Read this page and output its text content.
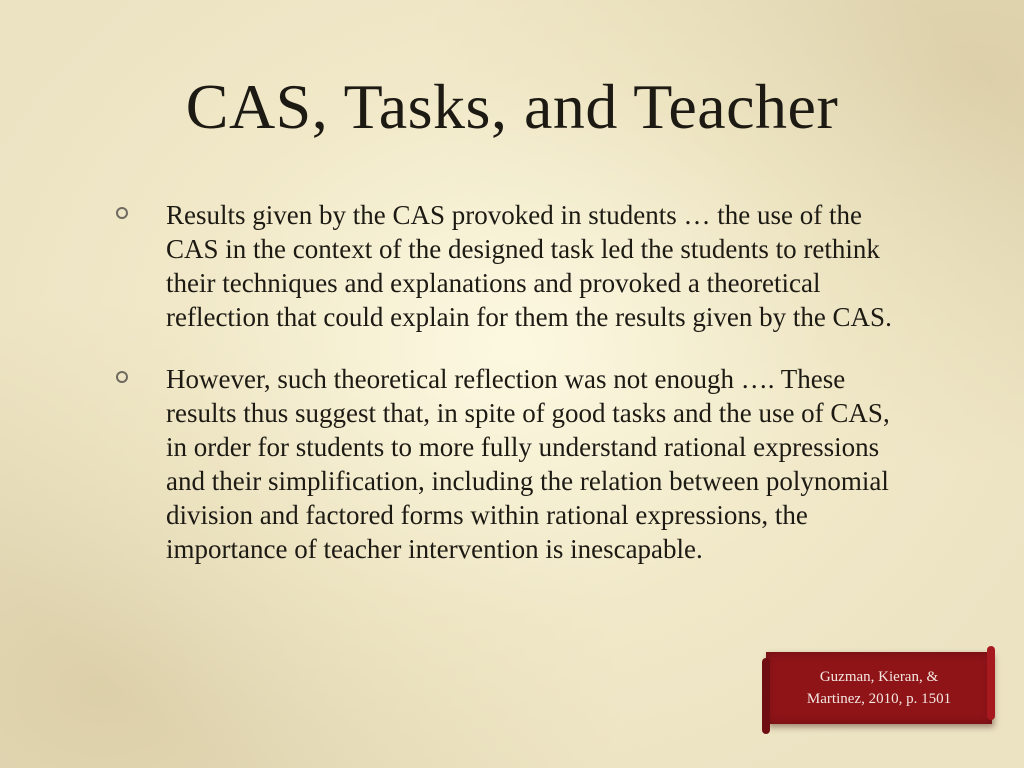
CAS, Tasks, and Teacher
Results given by the CAS provoked in students … the use of the CAS in the context of the designed task led the students to rethink their techniques and explanations and provoked a theoretical reflection that could explain for them the results given by the CAS.
However, such theoretical reflection was not enough …. These results thus suggest that, in spite of good tasks and the use of CAS, in order for students to more fully understand rational expressions and their simplification, including the relation between polynomial division and factored forms within rational expressions, the importance of teacher intervention is inescapable.
Guzman, Kieran, &
Martinez, 2010, p. 1501
